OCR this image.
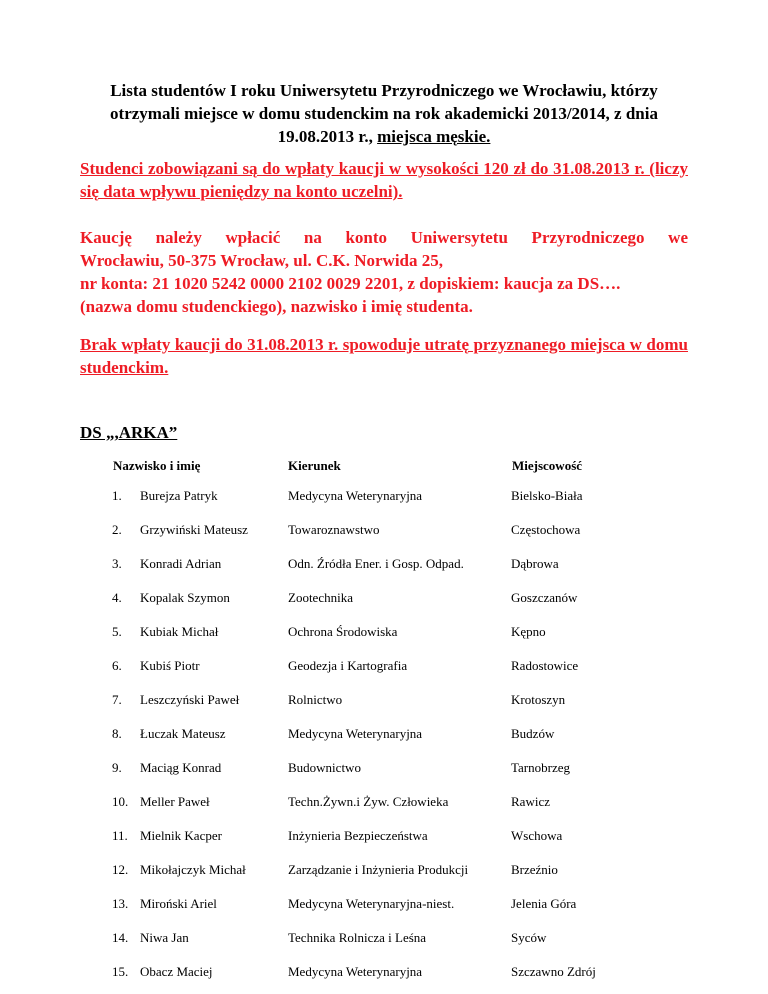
Lista studentów I roku Uniwersytetu Przyrodniczego we Wrocławiu, którzy
otrzymali miejsce w domu studenckim na rok akademicki 2013/2014, z dnia
19.08.2013 r., miejsca męskie.
Studenci zobowiązani są do wpłaty kaucji w wysokości 120 zł do 31.08.2013 r. (liczy się data wpływu pieniędzy na konto uczelni).
Kaucję należy wpłacić na konto Uniwersytetu Przyrodniczego we
Wrocławiu, 50-375 Wrocław, ul. C.K. Norwida 25,
nr konta: 21 1020 5242 0000 2102 0029 2201, z dopiskiem: kaucja za DS….
(nazwa domu studenckiego), nazwisko i imię studenta.
Brak wpłaty kaucji do 31.08.2013 r. spowoduje utratę przyznanego miejsca w domu studenckim.
DS „,ARKA”
Nazwisko i imię	Kierunek	Miejscowość
1. Burejza Patryk	Medycyna Weterynaryjna	Bielsko-Biała
2. Grzywiński Mateusz	Towaroznawstwo	Częstochowa
3. Konradi Adrian	Odn. Źródła Ener. i Gosp. Odpad.	Dąbrowa
4. Kopalak Szymon	Zootechnika	Goszczanów
5. Kubiak Michał	Ochrona Środowiska	Kępno
6. Kubiś Piotr	Geodezja i Kartografia	Radostowice
7. Leszczyński Paweł	Rolnictwo	Krotoszyn
8. Łuczak Mateusz	Medycyna Weterynaryjna	Budzów
9. Maciąg Konrad	Budownictwo	Tarnobrzeg
10. Meller Paweł	Techn.Żywn.i Żyw. Człowieka	Rawicz
11. Mielnik Kacper	Inżynieria Bezpieczeństwa	Wschowa
12. Mikołajczyk Michał	Zarządzanie i Inżynieria Produkcji	Brzeźnio
13. Miroński Ariel	Medycyna Weterynaryjna-niest.	Jelenia Góra
14. Niwa Jan	Technika Rolnicza i Leśna	Syców
15. Obacz Maciej	Medycyna Weterynaryjna	Szczawno Zdrój
